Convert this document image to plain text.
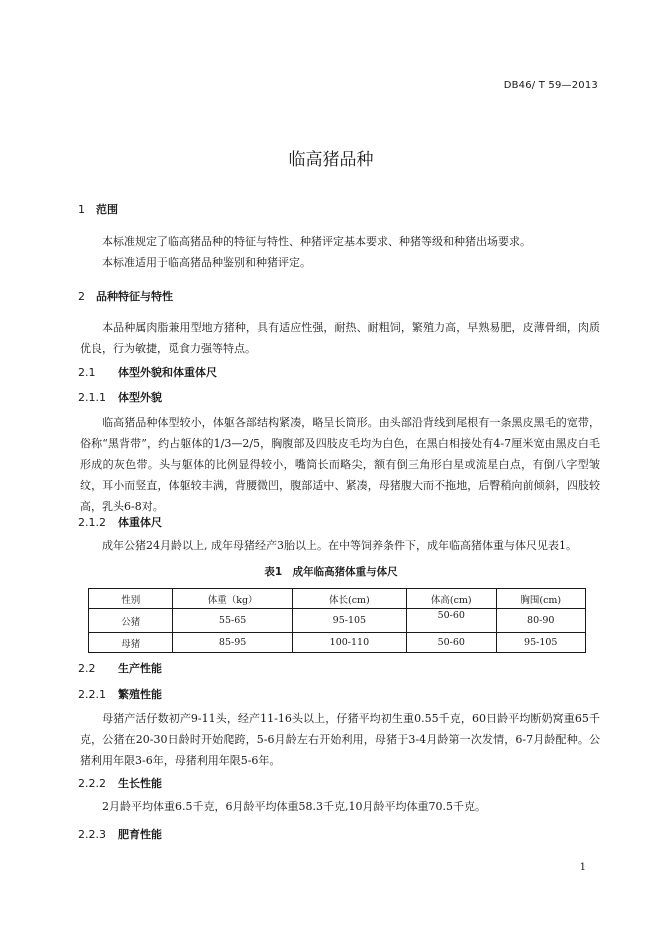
DB46/ T 59—2013
临高猪品种
1 范围
本标准规定了临高猪品种的特征与特性、种猪评定基本要求、种猪等级和种猪出场要求。
本标准适用于临高猪品种鉴别和种猪评定。
2 品种特征与特性
本品种属肉脂兼用型地方猪种，具有适应性强，耐热、耐粗饲，繁殖力高，早熟易肥，皮薄骨细，肉质优良，行为敏捷，觅食力强等特点。
2.1 体型外貌和体重体尺
2.1.1 体型外貌
临高猪品种体型较小，体躯各部结构紧凑，略呈长筒形。由头部沿背线到尾根有一条黑皮黑毛的宽带，俗称“黑背带”，约占躯体的1/3—2/5，胸腹部及四肢皮毛均为白色，在黑白相接处有4-7厘米宽由黑皮白毛形成的灰色带。头与躯体的比例显得较小，嘴筒长而略尖，额有倒三角形白星或流星白点，有倒八字型皱纹，耳小而竖直，体躯较丰满，背腰微凹，腹部适中、紧凑，母猪腹大而不拖地，后臀稍向前倾斜，四肢较高，乳头6-8对。
2.1.2 体重体尺
成年公猪24月龄以上, 成年母猪经产3胎以上。在中等饲养条件下，成年临高猪体重与体尺见表1。
表1　成年临高猪体重与体尺
性别	体重（kg）	体长(cm)	体高(cm)	胸围(cm)
公猪	55-65	95-105	50-60	80-90
母猪	85-95	100-110	50-60	95-105
2.2 生产性能
2.2.1 繁殖性能
母猪产活仔数初产9-11头，经产11-16头以上，仔猪平均初生重0.55千克，60日龄平均断奶窝重65千克，公猪在20-30日龄时开始爬跨，5-6月龄左右开始利用，母猪于3-4月龄第一次发情，6-7月龄配种。公猪利用年限3-6年，母猪利用年限5-6年。
2.2.2 生长性能
2月龄平均体重6.5千克，6月龄平均体重58.3千克,10月龄平均体重70.5千克。
2.2.3 肥育性能
1
